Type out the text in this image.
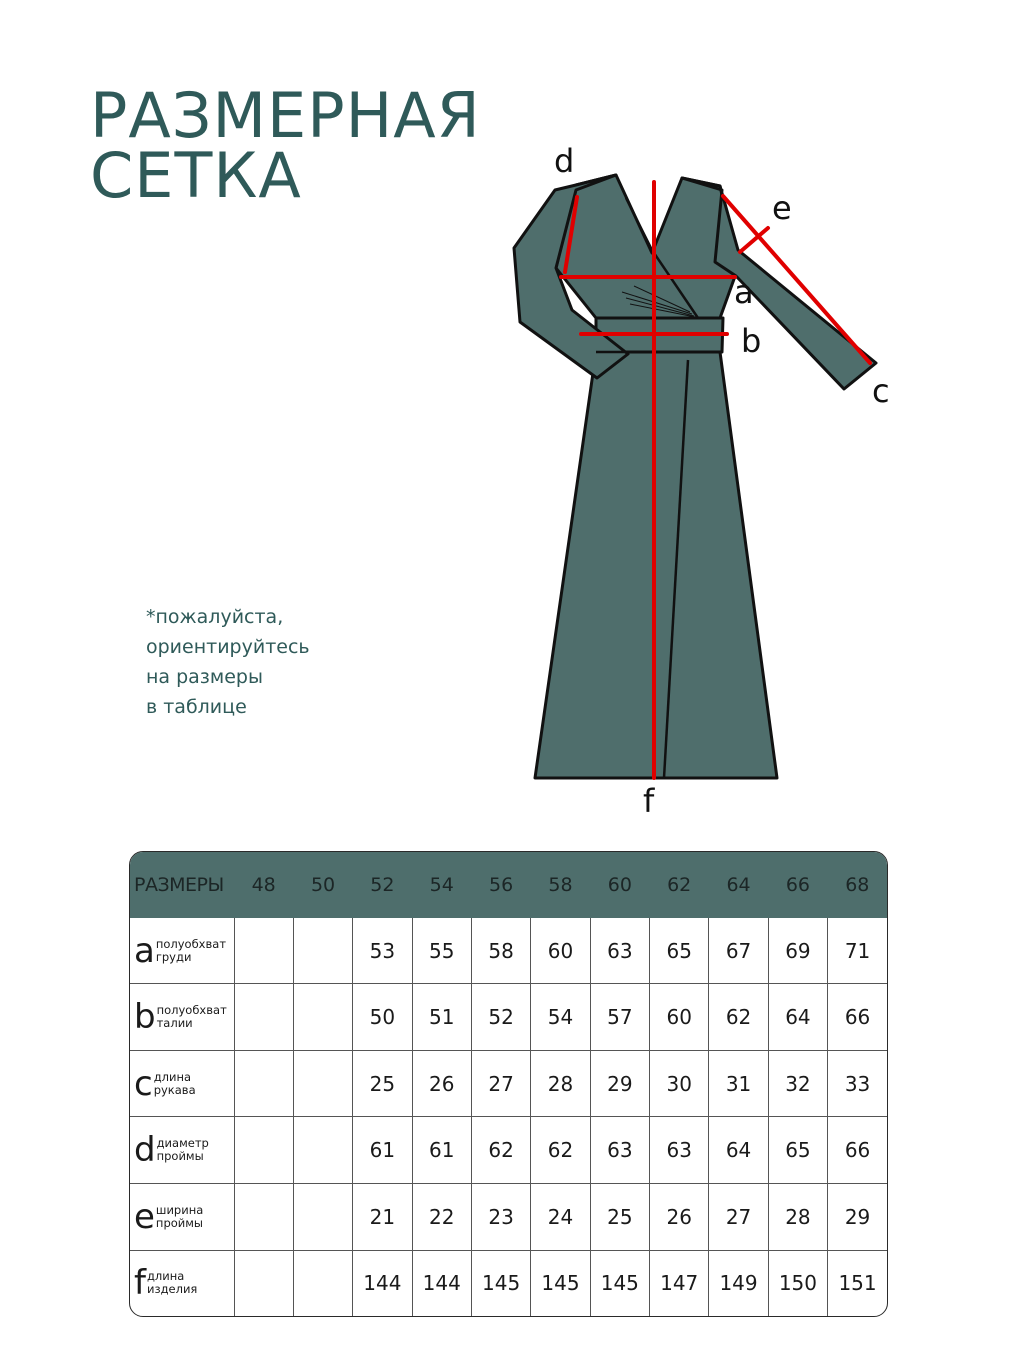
РАЗМЕРНАЯ
СЕТКА

*пожалуйста,
ориентируйтесь
на размеры
в таблице

d
e
a
b
c
f
РАЗМЕРЫ	48	50	52	54	56	58	60	62	64	66	68
a полуобхват
груди			53	55	58	60	63	65	67	69	71
b полуобхват
талии			50	51	52	54	57	60	62	64	66
c длина
рукава			25	26	27	28	29	30	31	32	33
d диаметр
проймы			61	61	62	62	63	63	64	65	66
e ширина
проймы			21	22	23	24	25	26	27	28	29
f длина
изделия			144	144	145	145	145	147	149	150	151
